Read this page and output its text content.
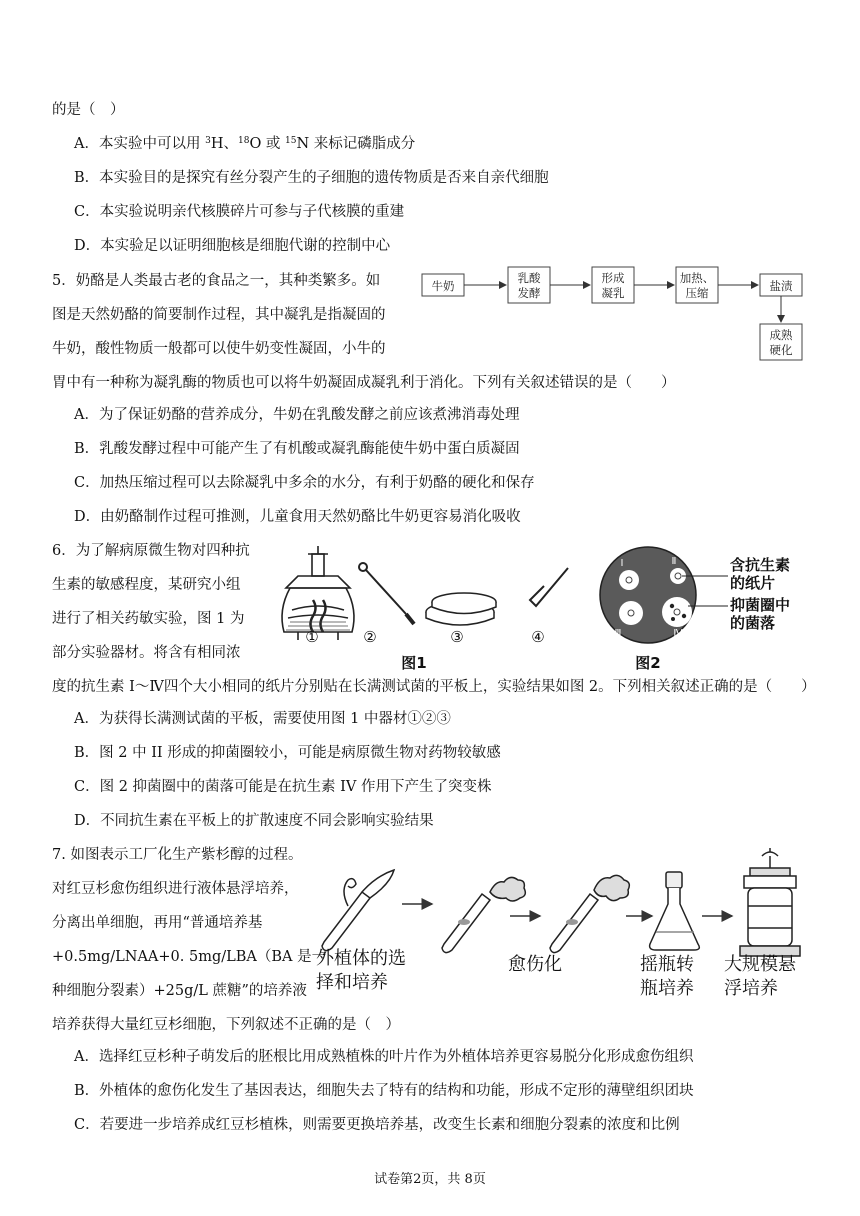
的是（　）
A．本实验中可以用 $^3$H、$^{18}$O 或 $^{15}$N 来标记磷脂成分
B．本实验目的是探究有丝分裂产生的子细胞的遗传物质是否来自亲代细胞
C．本实验说明亲代核膜碎片可参与子代核膜的重建
D．本实验足以证明细胞核是细胞代谢的控制中心
5．奶酪是人类最古老的食品之一，其种类繁多。如
图是天然奶酪的简要制作过程，其中凝乳是指凝固的
牛奶，酸性物质一般都可以使牛奶变性凝固，小牛的
胃中有一种称为凝乳酶的物质也可以将牛奶凝固成凝乳利于消化。下列有关叙述错误的是（　　）
牛奶
乳酸
发酵
形成
凝乳
加热、
压缩	盐渍
成熟
硬化
A．为了保证奶酪的营养成分，牛奶在乳酸发酵之前应该煮沸消毒处理
B．乳酸发酵过程中可能产生了有机酸或凝乳酶能使牛奶中蛋白质凝固
C．加热压缩过程可以去除凝乳中多余的水分，有利于奶酪的硬化和保存
D．由奶酪制作过程可推测，儿童食用天然奶酪比牛奶更容易消化吸收
6．为了解病原微生物对四种抗
生素的敏感程度，某研究小组
进行了相关药敏实验，图 1 为
部分实验器材。将含有相同浓
度的抗生素 I～Ⅳ四个大小相同的纸片分别贴在长满测试菌的平板上，实验结果如图 2。下列相关叙述正确的是（　　）
①	②	③	④
图1
Ⅰ	Ⅱ
Ⅲ	Ⅳ
含抗生素
的纸片
抑菌圈中
的菌落
图2
A．为获得长满测试菌的平板，需要使用图 1 中器材①②③
B．图 2 中 II 形成的抑菌圈较小，可能是病原微生物对药物较敏感
C．图 2 抑菌圈中的菌落可能是在抗生素 IV 作用下产生了突变株
D．不同抗生素在平板上的扩散速度不同会影响实验结果
7. 如图表示工厂化生产紫杉醇的过程。
对红豆杉愈伤组织进行液体悬浮培养，
分离出单细胞，再用“普通培养基
+0.5mg/LNAA+0. 5mg/LBA（BA 是一
种细胞分裂素）+25g/L 蔗糖”的培养液
培养获得大量红豆杉细胞，下列叙述不正确的是（　）
外植体的选
择和培养
愈伤化	摇瓶转
瓶培养
大规模悬
浮培养
A．选择红豆杉种子萌发后的胚根比用成熟植株的叶片作为外植体培养更容易脱分化形成愈伤组织
B．外植体的愈伤化发生了基因表达，细胞失去了特有的结构和功能，形成不定形的薄壁组织团块
C．若要进一步培养成红豆杉植株，则需要更换培养基，改变生长素和细胞分裂素的浓度和比例
试卷第2页，共 8页
